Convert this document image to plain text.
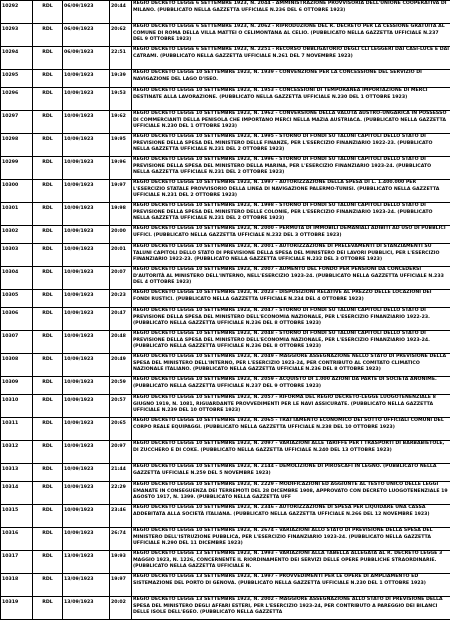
10292	RDL	06/09/1923	20:44	REGIO DECRETO LEGGE 6 SETTEMBRE 1923, N. 2044 - AMMINISTRAZIONE PROVVISORIA DELL'UNIONE COOPERATIVA DI MILANO. (PUBBLICATO NELLA GAZZETTA UFFICIALE N.236 DEL 6 OTTOBRE 1923)
10293	RDL	06/09/1923	20:62	REGIO DECRETO LEGGE 6 SETTEMBRE 1923, N. 2062 - RIPRODUZIONE DEL R. DECRETO PER LA CESSIONE GRATUITA AL COMUNE DI ROMA DELLA VILLA MATTEI O CELIMONTANA AL CELIO. (PUBBLICATO NELLA GAZZETTA UFFICIALE N.237 DEL 9 OTTOBRE 1923)
10294	RDL	06/09/1923	22:51	REGIO DECRETO LEGGE 6 SETTEMBRE 1923, N. 2251 - RECORSO OBBLIGATORIO DEGLI CLI LEGGERI DAI CASI-LUCE E DAI CATRAMI. (PUBBLICATO NELLA GAZZETTA UFFICIALE N.261 DEL 7 NOVEMBRE 1923)
10295	RDL	10/09/1923	19:39	REGIO DECRETO LEGGE 10 SETTEMBRE 1923, N. 1939 - CONVENZIONE PER LA CONCESSIONE DEL SERVIZIO DI NAVIGAZIONE DEL LAGO D'ISEO.
10296	RDL	10/09/1923	19:53	REGIO DECRETO LEGGE 10 SETTEMBRE 1923, N. 1953 - CONCESSIONI DI TEMPORANEA IMPORTAZIONE DI MERCI DESTINATE ALLA LAVORAZIONE. (PUBBLICATO NELLA GAZZETTA UFFICIALE N.230 DEL 1 OTTOBRE 1923)
10297	RDL	10/09/1923	19:62	REGIO DECRETO LEGGE 10 SETTEMBRE 1923, N. 1962 - CONVERSIONE DELLA VALUTA AUSTRO-UNGARICA IN POSSESSO DI COMMERCIANTI DELLA PENISOLA CHE IMPORTANO MERCI NELLA MAZIA AUSTRIACA. (PUBBLICATO NELLA GAZZETTA UFFICIALE N.230 DEL 1 OTTOBRE 1923)
10298	RDL	10/09/1923	19:95	REGIO DECRETO LEGGE 10 SETTEMBRE 1923, N. 1995 - STORNO DI FONDI SU TALUNI CAPITOLI DELLO STATO DI PREVISIONE DELLA SPESA DEL MINISTERO DELLE FINANZE, PER L'ESERCIZIO FINANZIARIO 1922-23. (PUBBLICATO NELLA GAZZETTA UFFICIALE N.231 DEL 2 OTTOBRE 1923)
10299	RDL	10/09/1923	19:96	REGIO DECRETO LEGGE 10 SETTEMBRE 1923, N. 1996 - STORNO DI FONDI SU TALUNI CAPITOLI DELLO STATO DI PREVISIONE DELLA SPESA DEL MINISTERO DELLA MARINA, PER L'ESERCIZIO FINANZIARIO 1923-24. (PUBBLICATO NELLA GAZZETTA UFFICIALE N.231 DEL 2 OTTOBRE 1923)
10300	RDL	10/09/1923	19:97	REGIO DECRETO LEGGE 10 SETTEMBRE 1923, N. 1997 - AUTORIZZAZIONE DELLA SPESA DI L. 1.400.000 PER L'ESERCIZIO STATALE PROVVISORIO DELLA LINEA DI NAVIGAZIONE PALERMO-TUNISI. (PUBBLICATO NELLA GAZZETTA UFFICIALE N.231 DEL 2 OTTOBRE 1923)
10301	RDL	10/09/1923	19:98	REGIO DECRETO LEGGE 10 SETTEMBRE 1923, N. 1998 - STORNO DI FONDI SU TALUNI CAPITOLI DELLO STATO DI PREVISIONE DELLA SPESA DEL MINISTERO DELLE COLONIE, PER L'ESERCIZIO FINANZIARIO 1923-24. (PUBBLICATO NELLA GAZZETTA UFFICIALE N.231 DEL 2 OTTOBRE 1923)
10302	RDL	10/09/1923	20:00	REGIO DECRETO LEGGE 10 SETTEMBRE 1923, N. 2000 - PERMUTA DI IMMOBILI DEMANIALI ADIBITI AD USO DI PUBBLICI UFFICI. (PUBBLICATO NELLA GAZZETTA UFFICIALE N.232 DEL 3 OTTOBRE 1923)
10303	RDL	10/09/1923	20:01	REGIO DECRETO LEGGE 10 SETTEMBRE 1923, N. 2001 - AUTORIZZAZIONE DI PRELEVAMENTI DI STANZIAMENTI SU TALUNI CAPITOLI DELLO STATO DI PREVISIONE DELLA SPESA DEL MINISTERO DEI LAVORI PUBBLICI, PER L'ESERCIZIO FINANZIARIO 1922-23. (PUBBLICATO NELLA GAZZETTA UFFICIALE N.232 DEL 3 OTTOBRE 1923)
10304	RDL	10/09/1923	20:07	REGIO DECRETO LEGGE 10 SETTEMBRE 1923, N. 2007 - AUMENTO DEL FONDO PER PENSIONI DA CONCEDERSI D'AUTORITÀ AL MINISTERO DELL'INTERNO, NELL'ESERCIZIO 1923-24. (PUBBLICATO NELLA GAZZETTA UFFICIALE N.233 DEL 4 OTTOBRE 1923)
10305	RDL	10/09/1923	20:23	REGIO DECRETO LEGGE 10 SETTEMBRE 1923, N. 2023 - DISPOSIZIONI RELATIVE AL PREZZO DELLE LOCAZIONI DEI FONDI RUSTICI. (PUBBLICATO NELLA GAZZETTA UFFICIALE N.234 DEL 4 OTTOBRE 1923)
10306	RDL	10/09/1923	20:47	REGIO DECRETO LEGGE 10 SETTEMBRE 1923, N. 2047 - STORNO DI FONDI SU TALUNI CAPITOLI DELLO STATO DI PREVISIONE DELLA SPESA DEL MINISTERO DELL'ECONOMIA NAZIONALE, PER L'ESERCIZIO FINANZIARIO 1922-23. (PUBBLICATO NELLA GAZZETTA UFFICIALE N.236 DEL 8 OTTOBRE 1923)
10307	RDL	10/09/1923	20:48	REGIO DECRETO LEGGE 10 SETTEMBRE 1923, N. 2048 - STORNO DI FONDI SU TALUNI CAPITOLI DELLO STATO DI PREVISIONE DELLA SPESA DEL MINISTERO DELL'ECONOMIA NAZIONALE, PER L'ESERCIZIO FINANZIARIO 1923-24. (PUBBLICATO NELLA GAZZETTA UFFICIALE N.236 DEL 8 OTTOBRE 1923)
10308	RDL	10/09/1923	20:49	REGIO DECRETO LEGGE 10 SETTEMBRE 1923, N. 2049 - MAGGIORE ASSEGNAZIONE NELLO STATO DI PREVISIONE DELLA SPESA DEL MINISTERO DELL'INTERNO, PER L'ESERCIZIO 1923-24, PER CONTRIBUTO AL COMITATO CLIMATICO NAZIONALE ITALIANO. (PUBBLICATO NELLA GAZZETTA UFFICIALE N.236 DEL 8 OTTOBRE 1923)
10309	RDL	10/09/1923	20:59	REGIO DECRETO LEGGE 10 SETTEMBRE 1923, N. 2059 - ACQUISTO DI 1.000 AZIONI DA PARTE DI SOCIETÀ ANONIME. (PUBBLICATO NELLA GAZZETTA UFFICIALE N.237 DEL 9 OTTOBRE 1923)
10310	RDL	10/09/1923	20:57	REGIO DECRETO LEGGE 10 SETTEMBRE 1923, N. 2057 - RIFORMA DEL REGIO DECRETO-LEGGE LUOGOTENENZIALE 8 GIUGNO 1919, N. 1081, RIGUARDANTE PROVVEDIMENTI PER LE NAVI ASSICURATE. (PUBBLICATO NELLA GAZZETTA UFFICIALE N.239 DEL 10 OTTOBRE 1923)
10311	RDL	10/09/1923	20:65	REGIO DECRETO LEGGE 10 SETTEMBRE 1923, N. 2065 - TRATTAMENTO ECONOMICO DEI SOTTO UFFICIALI COMUNI DEL CORPO REALE EQUIPAGGI. (PUBBLICATO NELLA GAZZETTA UFFICIALE N.238 DEL 10 OTTOBRE 1923)
10312	RDL	10/09/1923	20:97	REGIO DECRETO LEGGE 10 SETTEMBRE 1923, N. 2097 - VARIAZIONI ALLE TARIFFE PER I TRASPORTI DI BARBABIETOLE, DI ZUCCHERO E DI COKE. (PUBBLICATO NELLA GAZZETTA UFFICIALE N.240 DEL 13 OTTOBRE 1923)
10313	RDL	10/09/1923	21:44	REGIO DECRETO LEGGE 10 SETTEMBRE 1923, N. 2144 - DEMOLIZIONE DI PIROSCAFI IN LEGNO. (PUBBLICATO NELLA GAZZETTA UFFICIALE N.259 DEL 5 NOVEMBRE 1923)
10314	RDL	10/09/1923	22:29	REGIO DECRETO LEGGE 10 SETTEMBRE 1923, N. 2229 - MODIFICAZIONI ED AGGIUNTE AL TESTO UNICO DELLE LEGGI EMANATE IN CONSEGUENZA DEI TERREMOTI DEL 28 DICEMBRE 1908, APPROVATO CON DECRETO LUOGOTENENZIALE 19 AGOSTO 1917, N. 1399. (PUBBLICATO NELLA GAZZETTA UFF
10315	RDL	10/09/1923	23:46	REGIO DECRETO LEGGE 10 SETTEMBRE 1923, N. 2346 - AUTORIZZAZIONE DI SPESA PER LIQUIDARE UNA CASSA ADDEBITATA ALLA SOCIETÀ ITALIANA. (PUBBLICATO NELLA GAZZETTA UFFICIALE N.266 DEL 12 NOVEMBRE 1923)
10316	RDL	10/09/1923	26:74	REGIO DECRETO LEGGE 10 SETTEMBRE 1923, N. 2674 - VARIAZIONI ALLO STATO DI PREVISIONE DELLA SPESA DEL MINISTERO DELL'ISTRUZIONE PUBBLICA, PER L'ESERCIZIO FINANZIARIO 1923-24. (PUBBLICATO NELLA GAZZETTA UFFICIALE N.290 DEL 11 DICEMBRE 1923)
10317	RDL	13/09/1923	19:93	REGIO DECRETO LEGGE 13 SETTEMBRE 1923, N. 1993 - VARIAZIONI ALLA TABELLA ALLEGATA AL R. DECRETO LEGGE 3 MAGGIO 1923, N. 1226, CONCERNENTE IL RIORDINAMENTO DEI SERVIZI DELLE OPERE PUBBLICHE STRAORDINARIE. (PUBBLICATO NELLA GAZZETTA UFFICIALE N.
10318	RDL	13/09/1923	19:97	REGIO DECRETO LEGGE 13 SETTEMBRE 1923, N. 1997 - PROVVEDIMENTI PER LE OPERE DI AMPLIAMENTO ED SISTEMAZIONE DEL PORTO DI GENOVA. (PUBBLICATO NELLA GAZZETTA UFFICIALE N.230 DEL 1 OTTOBRE 1923)
10319	RDL	13/09/1923	20:02	REGIO DECRETO LEGGE 13 SETTEMBRE 1923, N. 2002 - MAGGIORE ASSEGNAZIONE ALLO STATO DI PREVISIONE DELLA SPESA DEL MINISTERO DEGLI AFFARI ESTERI, PER L'ESERCIZIO 1923-24, PER CONTRIBUTO A PAREGGIO DEI BILANCI DELLE ISOLE DELL'EGEO. (PUBBLICATO NELLA GAZZETTA
